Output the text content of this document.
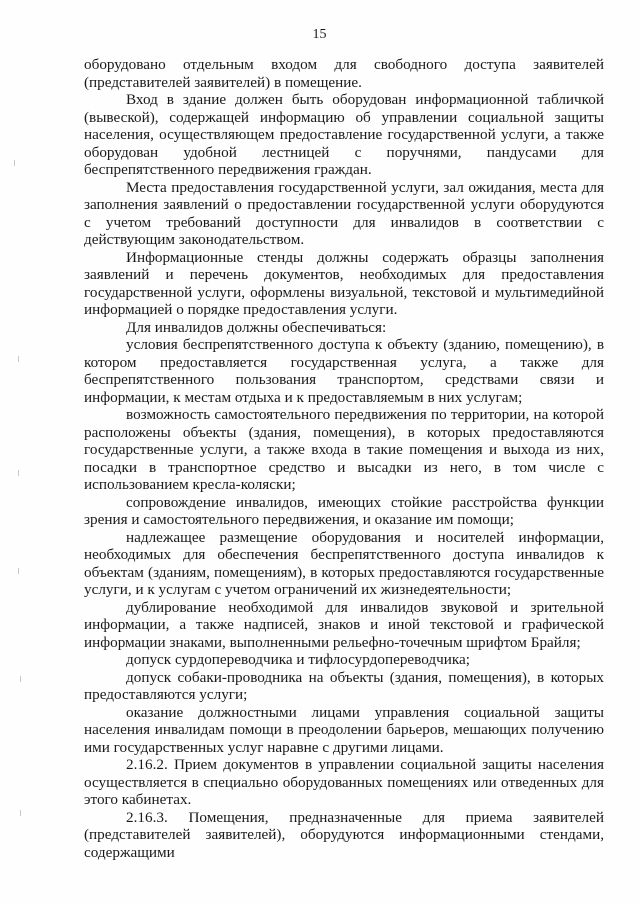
15

оборудовано отдельным входом для свободного доступа заявителей (представителей заявителей) в помещение.

Вход в здание должен быть оборудован информационной табличкой (вывеской), содержащей информацию об управлении социальной защиты населения, осуществляющем предоставление государственной услуги, а также оборудован удобной лестницей с поручнями, пандусами для беспрепятственного передвижения граждан.

Места предоставления государственной услуги, зал ожидания, места для заполнения заявлений о предоставлении государственной услуги оборудуются с учетом требований доступности для инвалидов в соответствии с действующим законодательством.

Информационные стенды должны содержать образцы заполнения заявлений и перечень документов, необходимых для предоставления государственной услуги, оформлены визуальной, текстовой и мультимедийной информацией о порядке предоставления услуги.

Для инвалидов должны обеспечиваться:

условия беспрепятственного доступа к объекту (зданию, помещению), в котором предоставляется государственная услуга, а также для беспрепятственного пользования транспортом, средствами связи и информации, к местам отдыха и к предоставляемым в них услугам;

возможность самостоятельного передвижения по территории, на которой расположены объекты (здания, помещения), в которых предоставляются государственные услуги, а также входа в такие помещения и выхода из них, посадки в транспортное средство и высадки из него, в том числе с использованием кресла-коляски;

сопровождение инвалидов, имеющих стойкие расстройства функции зрения и самостоятельного передвижения, и оказание им помощи;

надлежащее размещение оборудования и носителей информации, необходимых для обеспечения беспрепятственного доступа инвалидов к объектам (зданиям, помещениям), в которых предоставляются государственные услуги, и к услугам с учетом ограничений их жизнедеятельности;

дублирование необходимой для инвалидов звуковой и зрительной информации, а также надписей, знаков и иной текстовой и графической информации знаками, выполненными рельефно-точечным шрифтом Брайля;

допуск сурдопереводчика и тифлосурдопереводчика;

допуск собаки-проводника на объекты (здания, помещения), в которых предоставляются услуги;

оказание должностными лицами управления социальной защиты населения инвалидам помощи в преодолении барьеров, мешающих получению ими государственных услуг наравне с другими лицами.

2.16.2. Прием документов в управлении социальной защиты населения осуществляется в специально оборудованных помещениях или отведенных для этого кабинетах.

2.16.3. Помещения, предназначенные для приема заявителей (представителей заявителей), оборудуются информационными стендами, содержащими
